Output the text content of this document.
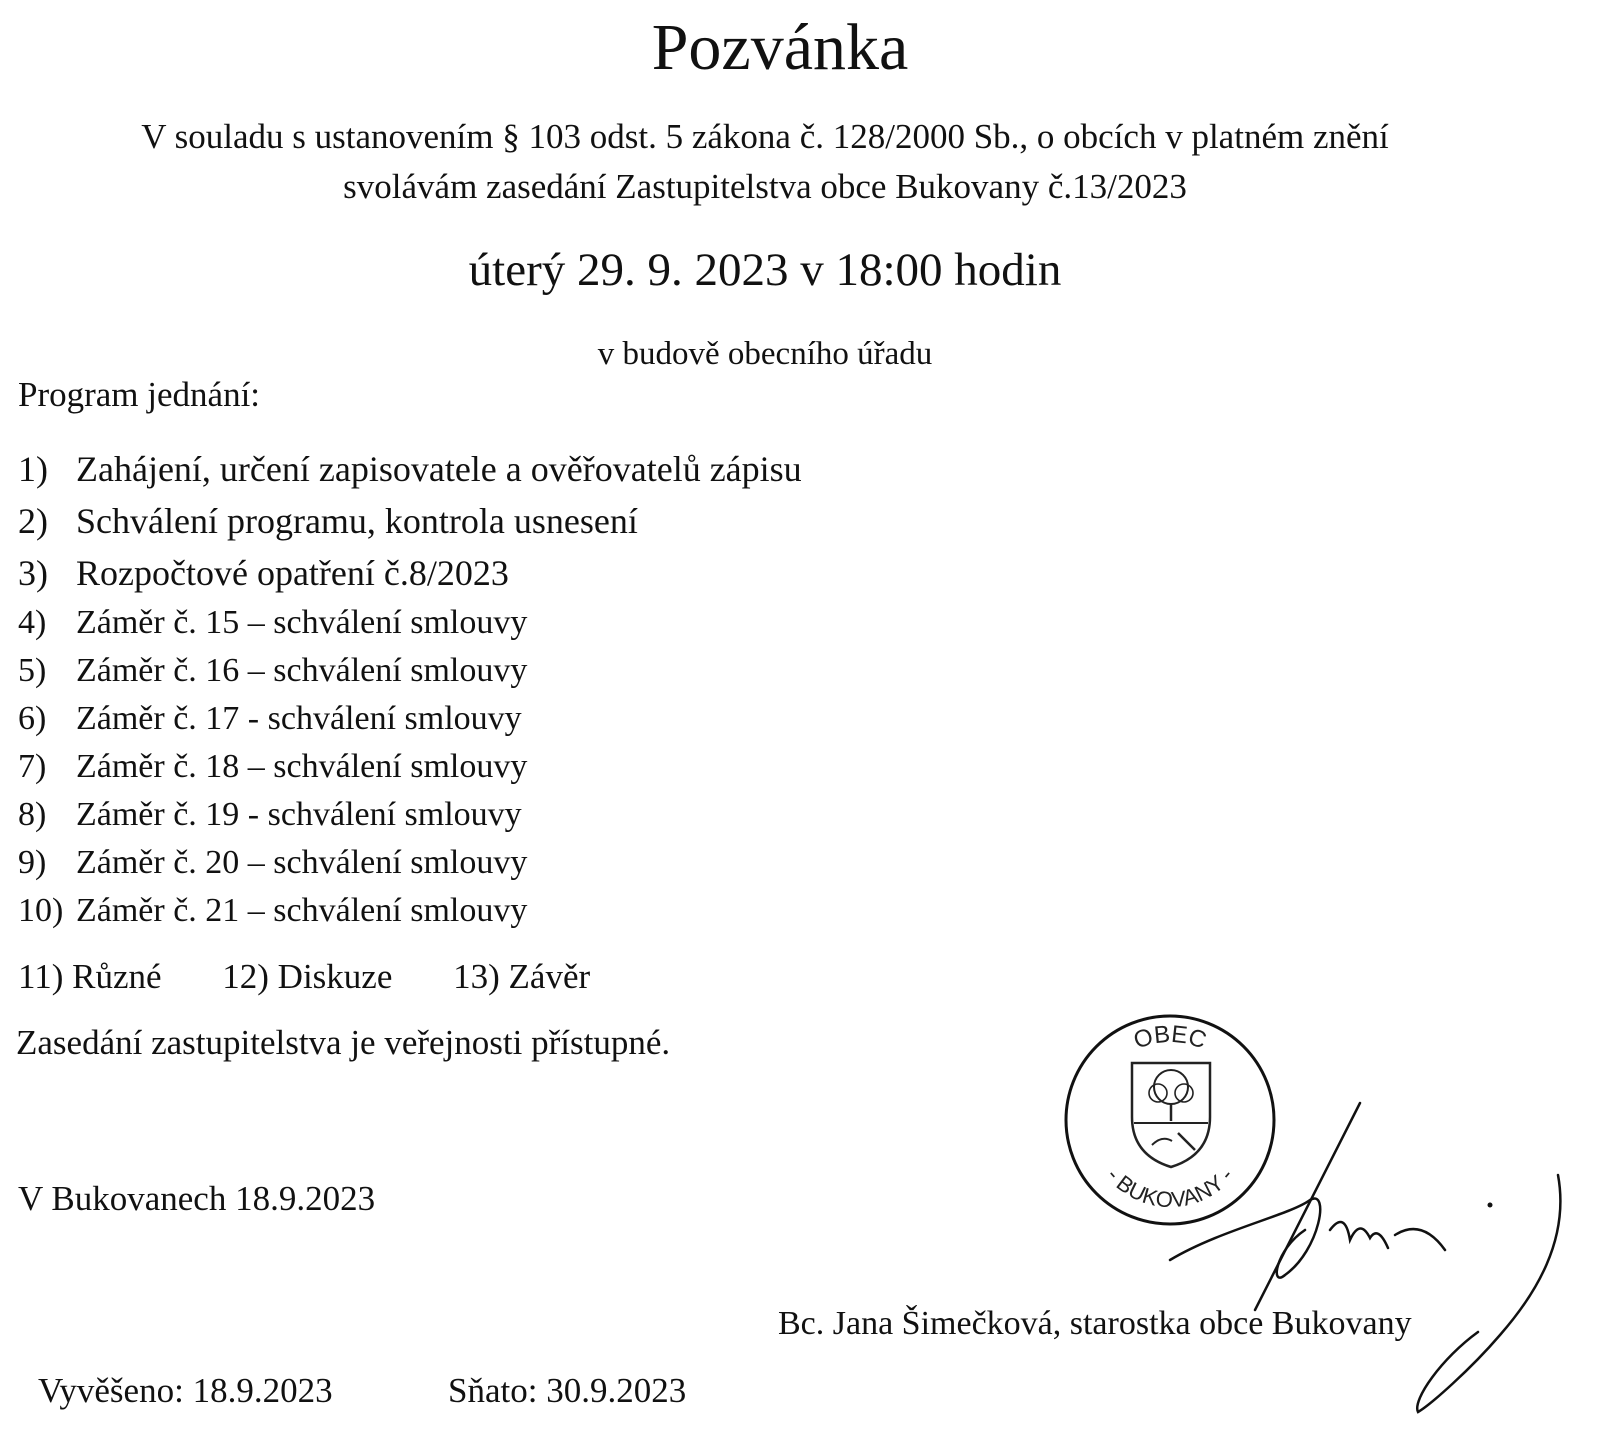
Pozvánka
V souladu s ustanovením § 103 odst. 5 zákona č. 128/2000 Sb., o obcích v platném znění
svolávám zasedání Zastupitelstva obce Bukovany č.13/2023
úterý 29. 9. 2023 v 18:00 hodin
v budově obecního úřadu
Program jednání:
1) Zahájení, určení zapisovatele a ověřovatelů zápisu
2) Schválení programu, kontrola usnesení
3) Rozpočtové opatření č.8/2023
4) Záměr č. 15 – schválení smlouvy
5) Záměr č. 16 – schválení smlouvy
6) Záměr č. 17 - schválení smlouvy
7) Záměr č. 18 – schválení smlouvy
8) Záměr č. 19 - schválení smlouvy
9) Záměr č. 20 – schválení smlouvy
10) Záměr č. 21 – schválení smlouvy
11) Různé 12) Diskuze 13) Závěr
Zasedání zastupitelstva je veřejnosti přístupné.
V Bukovanech 18.9.2023
OBEC
- BUKOVANY -
Bc. Jana Šimečková, starostka obce Bukovany
Vyvěšeno: 18.9.2023	Sňato: 30.9.2023
